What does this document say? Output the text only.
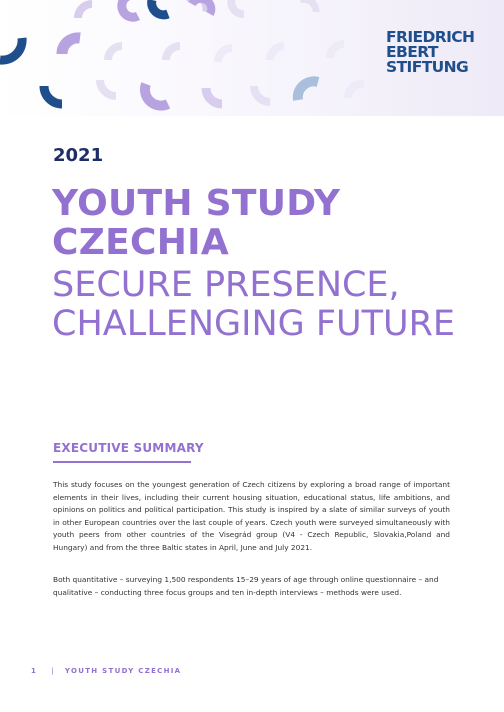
FRIEDRICH
EBERT
STIFTUNG
2021
YOUTH STUDY
CZECHIA
SECURE PRESENCE,
CHALLENGING FUTURE
EXECUTIVE SUMMARY

This study focuses on the youngest generation of Czech citizens by exploring a broad range of important elements in their lives, including their current housing situation, educational status, life ambitions, and opinions on politics and political participation. This study is inspired by a slate of similar surveys of youth in other European countries over the last couple of years. Czech youth were surveyed simultaneously with youth peers from other countries of the Visegrád group (V4 - Czech Republic, Slovakia,Poland and Hungary) and from the three Baltic states in April, June and July 2021.

Both quantitative – surveying 1,500 respondents 15–29 years of age through online questionnaire – and qualitative – conducting three focus groups and ten in-depth interviews – methods were used.

1 | YOUTH STUDY CZECHIA
